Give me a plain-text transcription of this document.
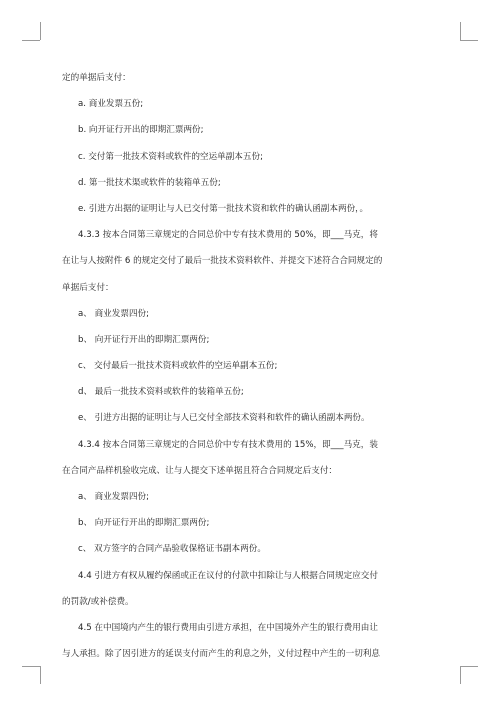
定的单据后支付：
a. 商业发票五份;
b. 向开证行开出的即期汇票两份;
c. 交付第一批技术资料或软件的空运单副本五份;
d. 第一批技术渠或软件的装箱单五份;
e. 引进方出据的证明让与人已交付第一批技术资和软件的确认函副本两份，。
4.3.3 按本合同第三章规定的合同总价中专有技术费用的 50%，即___马克，将
在让与人按附件 6 的规定交付了最后一批技术资料软件、并提交下述符合合同规定的
单据后支付：
a、 商业发票四份;
b、 向开证行开出的即期汇票两份;
c、 交付最后一批技术资料或软件的空运单副本五份;
d、 最后一批技术资料或软件的装箱单五份;
e、 引进方出据的证明让与人已交付全部技术资料和软件的确认函副本两份。
4.3.4 按本合同第三章规定的合同总价中专有技术费用的 15%，即___马克，装
在合同产品样机验收完成、让与人提交下述单据且符合合同规定后支付：
a、 商业发票四份;
b、 向开证行开出的即期汇票两份;
c、 双方签字的合同产品验收保格证书副本两份。
4.4 引进方有权从履约保函或正在议付的付款中扣除让与人根据合同规定应交付
的罚款/或补偿费。
4.5 在中国境内产生的银行费用由引进方承担，在中国境外产生的银行费用由让
与人承担。除了因引进方的延误支付而产生的利息之外，义付过程中产生的一切利息
